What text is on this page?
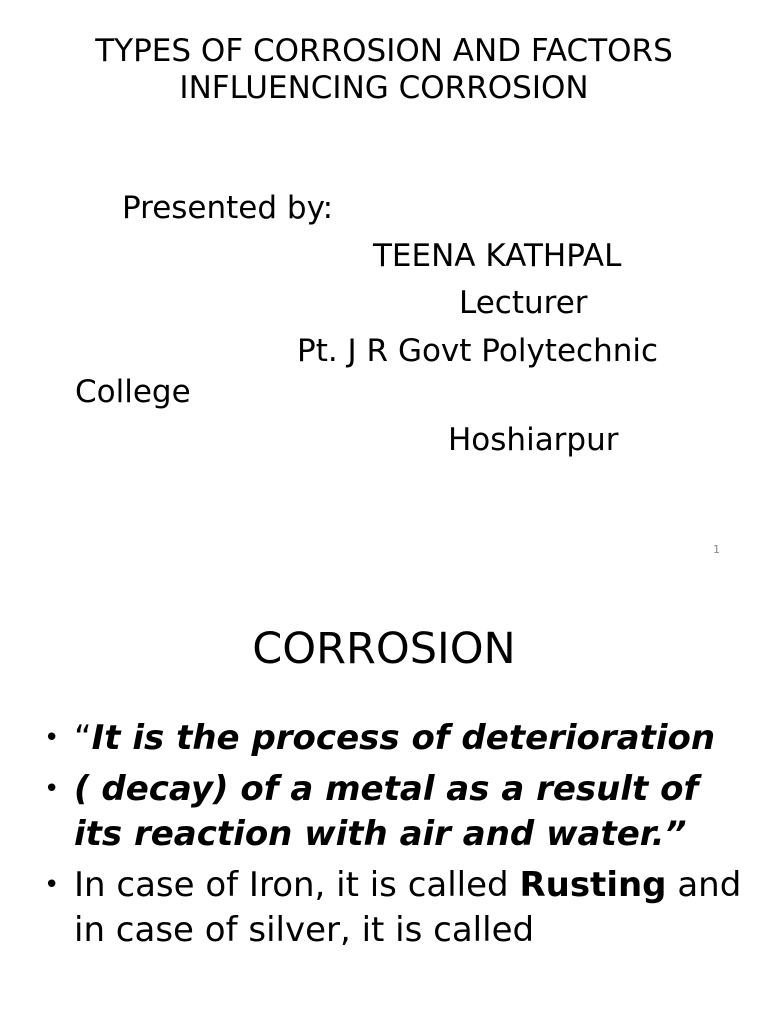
TYPES OF CORROSION AND FACTORS
INFLUENCING CORROSION
Presented by:
TEENA KATHPAL
Lecturer
Pt. J R Govt Polytechnic
College
Hoshiarpur
1
CORROSION
• “It is the process of deterioration
• ( decay) of a metal as a result of its reaction with air and water.”
• In case of Iron, it is called Rusting and in case of silver, it is called
